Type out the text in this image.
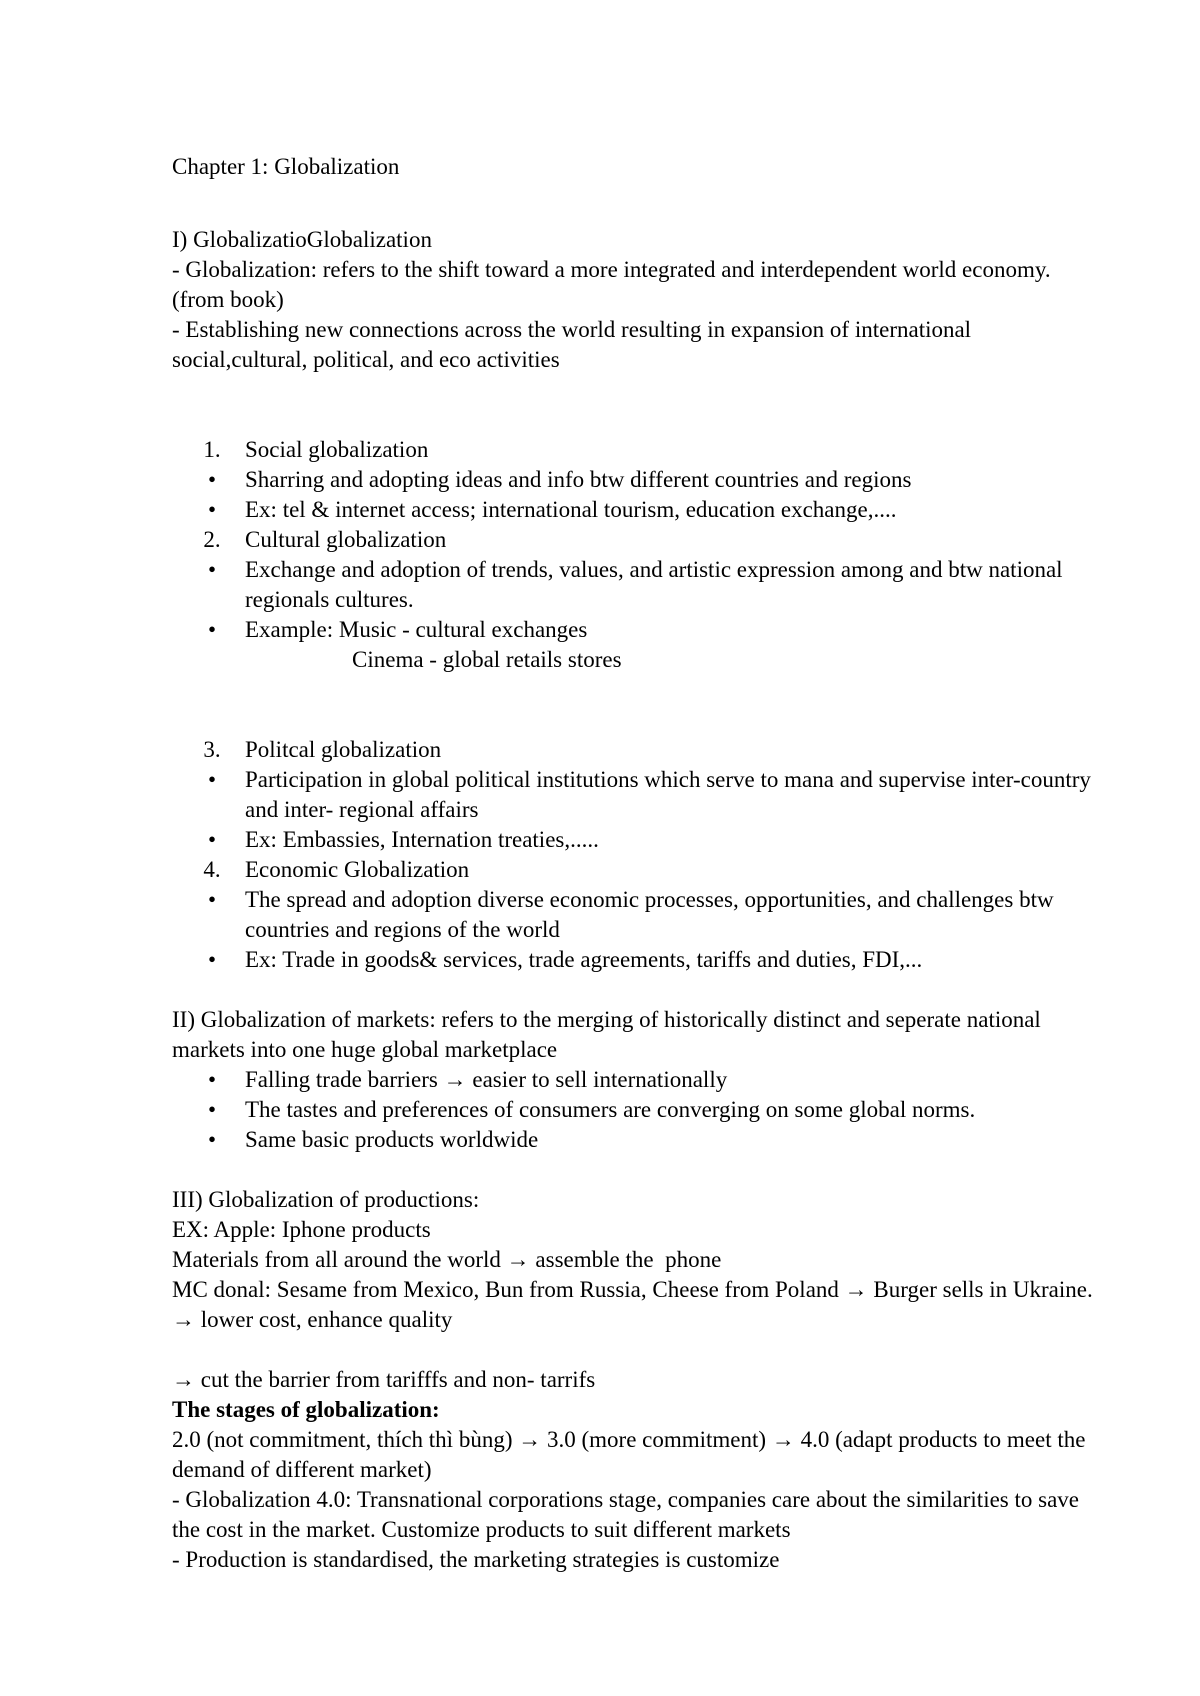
Chapter 1: Globalization

I) GlobalizatioGlobalization

- Globalization: refers to the shift toward a more integrated and interdependent world economy. (from book)

- Establishing new connections across the world resulting in expansion of international social,cultural, political, and eco activities

1. Social globalization
•	Sharring and adopting ideas and info btw different countries and regions
•	Ex: tel & internet access; international tourism, education exchange,....
2. Cultural globalization
•	Exchange and adoption of trends, values, and artistic expression among and btw national regionals cultures.
•	Example: Music - cultural exchanges

Cinema - global retails stores

3. Politcal globalization
•	Participation in global political institutions which serve to mana and supervise inter-country and inter- regional affairs
•	Ex: Embassies, Internation treaties,.....
4. Economic Globalization
•	The spread and adoption diverse economic processes, opportunities, and challenges btw countries and regions of the world
•	Ex: Trade in goods& services, trade agreements, tariffs and duties, FDI,...

II) Globalization of markets: refers to the merging of historically distinct and seperate national markets into one huge global marketplace

•	Falling trade barriers → easier to sell internationally
•	The tastes and preferences of consumers are converging on some global norms.
•	Same basic products worldwide

III) Globalization of productions:

EX: Apple: Iphone products

Materials from all around the world → assemble the  phone

MC donal: Sesame from Mexico, Bun from Russia, Cheese from Poland → Burger sells in Ukraine. → lower cost, enhance quality

→ cut the barrier from tarifffs and non- tarrifs

The stages of globalization:

2.0 (not commitment, thích thì bùng) → 3.0 (more commitment) → 4.0 (adapt products to meet the demand of different market)

- Globalization 4.0: Transnational corporations stage, companies care about the similarities to save the cost in the market. Customize products to suit different markets

- Production is standardised, the marketing strategies is customize
